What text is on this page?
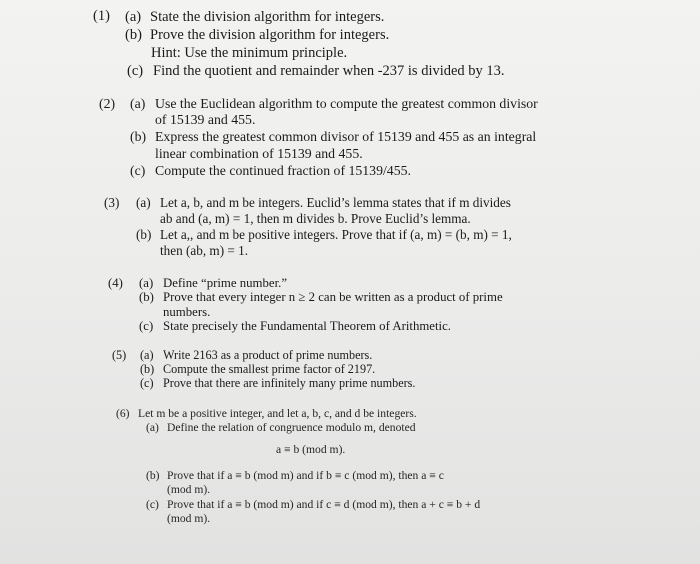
(1) (a) State the division algorithm for integers.
(b) Prove the division algorithm for integers.
Hint: Use the minimum principle.
(c) Find the quotient and remainder when -237 is divided by 13.
(2) (a) Use the Euclidean algorithm to compute the greatest common divisor
of 15139 and 455.
(b) Express the greatest common divisor of 15139 and 455 as an integral
linear combination of 15139 and 455.
(c) Compute the continued fraction of 15139/455.
(3) (a) Let a, b, and m be integers. Euclid’s lemma states that if m divides
ab and (a, m) = 1, then m divides b. Prove Euclid’s lemma.
(b) Let a,, and m be positive integers. Prove that if (a, m) = (b, m) = 1,
then (ab, m) = 1.
(4) (a) Define “prime number.”
(b) Prove that every integer n ≥ 2 can be written as a product of prime
numbers.
(c) State precisely the Fundamental Theorem of Arithmetic.
(5) (a) Write 2163 as a product of prime numbers.
(b) Compute the smallest prime factor of 2197.
(c) Prove that there are infinitely many prime numbers.
(6) Let m be a positive integer, and let a, b, c, and d be integers.
(a) Define the relation of congruence modulo m, denoted
a ≡ b (mod m).
(b) Prove that if a ≡ b (mod m) and if b ≡ c (mod m), then a ≡ c
(mod m).
(c) Prove that if a ≡ b (mod m) and if c ≡ d (mod m), then a + c ≡ b + d
(mod m).
